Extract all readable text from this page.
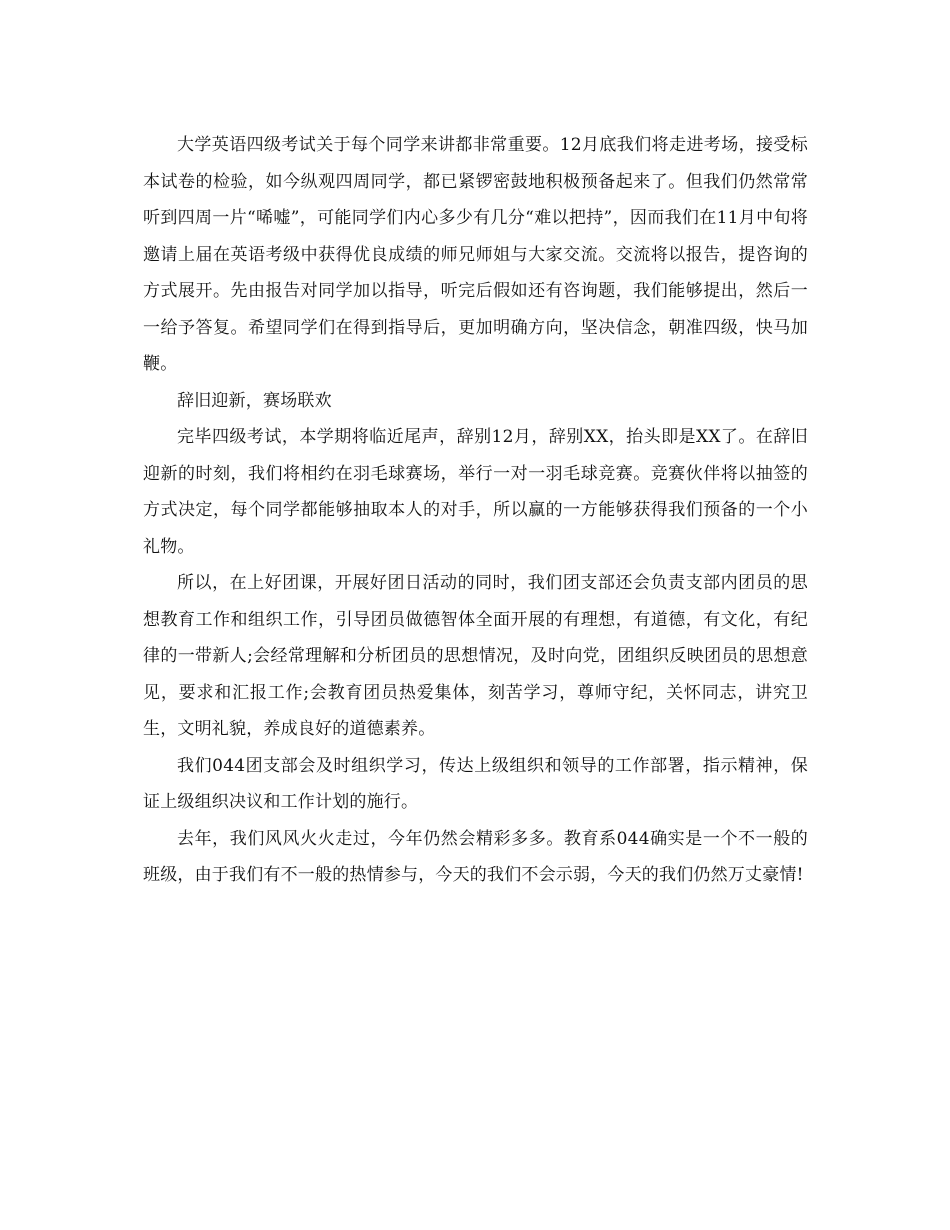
大学英语四级考试关于每个同学来讲都非常重要。12月底我们将走进考场，接受标本试卷的检验，如今纵观四周同学，都已紧锣密鼓地积极预备起来了。但我们仍然常常听到四周一片“唏嘘”，可能同学们内心多少有几分“难以把持”，因而我们在11月中旬将邀请上届在英语考级中获得优良成绩的师兄师姐与大家交流。交流将以报告，提咨询的方式展开。先由报告对同学加以指导，听完后假如还有咨询题，我们能够提出，然后一一给予答复。希望同学们在得到指导后，更加明确方向，坚决信念，朝准四级，快马加鞭。

辞旧迎新，赛场联欢

完毕四级考试，本学期将临近尾声，辞别12月，辞别XX，抬头即是XX了。在辞旧迎新的时刻，我们将相约在羽毛球赛场，举行一对一羽毛球竞赛。竞赛伙伴将以抽签的方式决定，每个同学都能够抽取本人的对手，所以赢的一方能够获得我们预备的一个小礼物。

所以，在上好团课，开展好团日活动的同时，我们团支部还会负责支部内团员的思想教育工作和组织工作，引导团员做德智体全面开展的有理想，有道德，有文化，有纪律的一带新人;会经常理解和分析团员的思想情况，及时向党，团组织反映团员的思想意见，要求和汇报工作;会教育团员热爱集体，刻苦学习，尊师守纪，关怀同志，讲究卫生，文明礼貌，养成良好的道德素养。

我们044团支部会及时组织学习，传达上级组织和领导的工作部署，指示精神，保证上级组织决议和工作计划的施行。

去年，我们风风火火走过，今年仍然会精彩多多。教育系044确实是一个不一般的班级，由于我们有不一般的热情参与，今天的我们不会示弱，今天的我们仍然万丈豪情!
